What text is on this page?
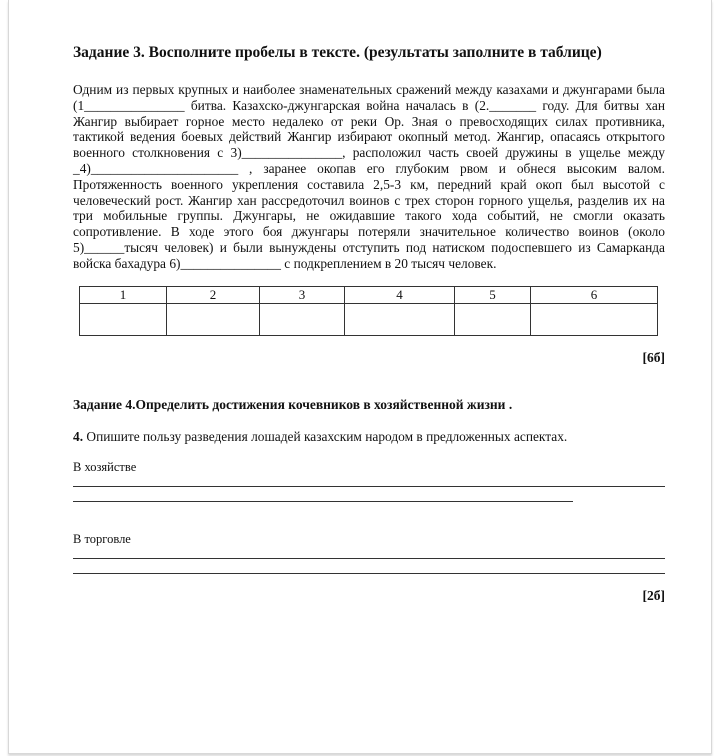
Задание 3. Восполните пробелы в тексте. (результаты заполните в таблице)
Одним из первых крупных и наиболее знаменательных сражений между казахами и джунгарами была (1_______________ битва. Казахско-джунгарская война началась в (2._______ году. Для битвы хан Жангир выбирает горное место недалеко от реки Ор. Зная о превосходящих силах противника, тактикой ведения боевых действий Жангир избирают окопный метод. Жангир, опасаясь открытого военного столкновения с 3)_______________, расположил часть своей дружины в ущелье между _4)______________________ , заранее окопав его глубоким рвом и обнеся высоким валом. Протяженность военного укрепления составила 2,5-3 км, передний край окоп был высотой с человеческий рост. Жангир хан рассредоточил воинов с трех сторон горного ущелья, разделив их на три мобильные группы. Джунгары, не ожидавшие такого хода событий, не смогли оказать сопротивление. В ходе этого боя джунгары потеряли значительное количество воинов (около 5)______тысяч человек) и были вынуждены отступить под натиском подоспевшего из Самарканда войска бахадура 6)_______________ с подкреплением в 20 тысяч человек.
1	2	3	4	5	6

[6б]
Задание 4.Определить достижения кочевников в хозяйственной жизни .
4. Опишите пользу разведения лошадей казахским народом в предложенных аспектах.
В хозяйстве
В торговле
[2б]
